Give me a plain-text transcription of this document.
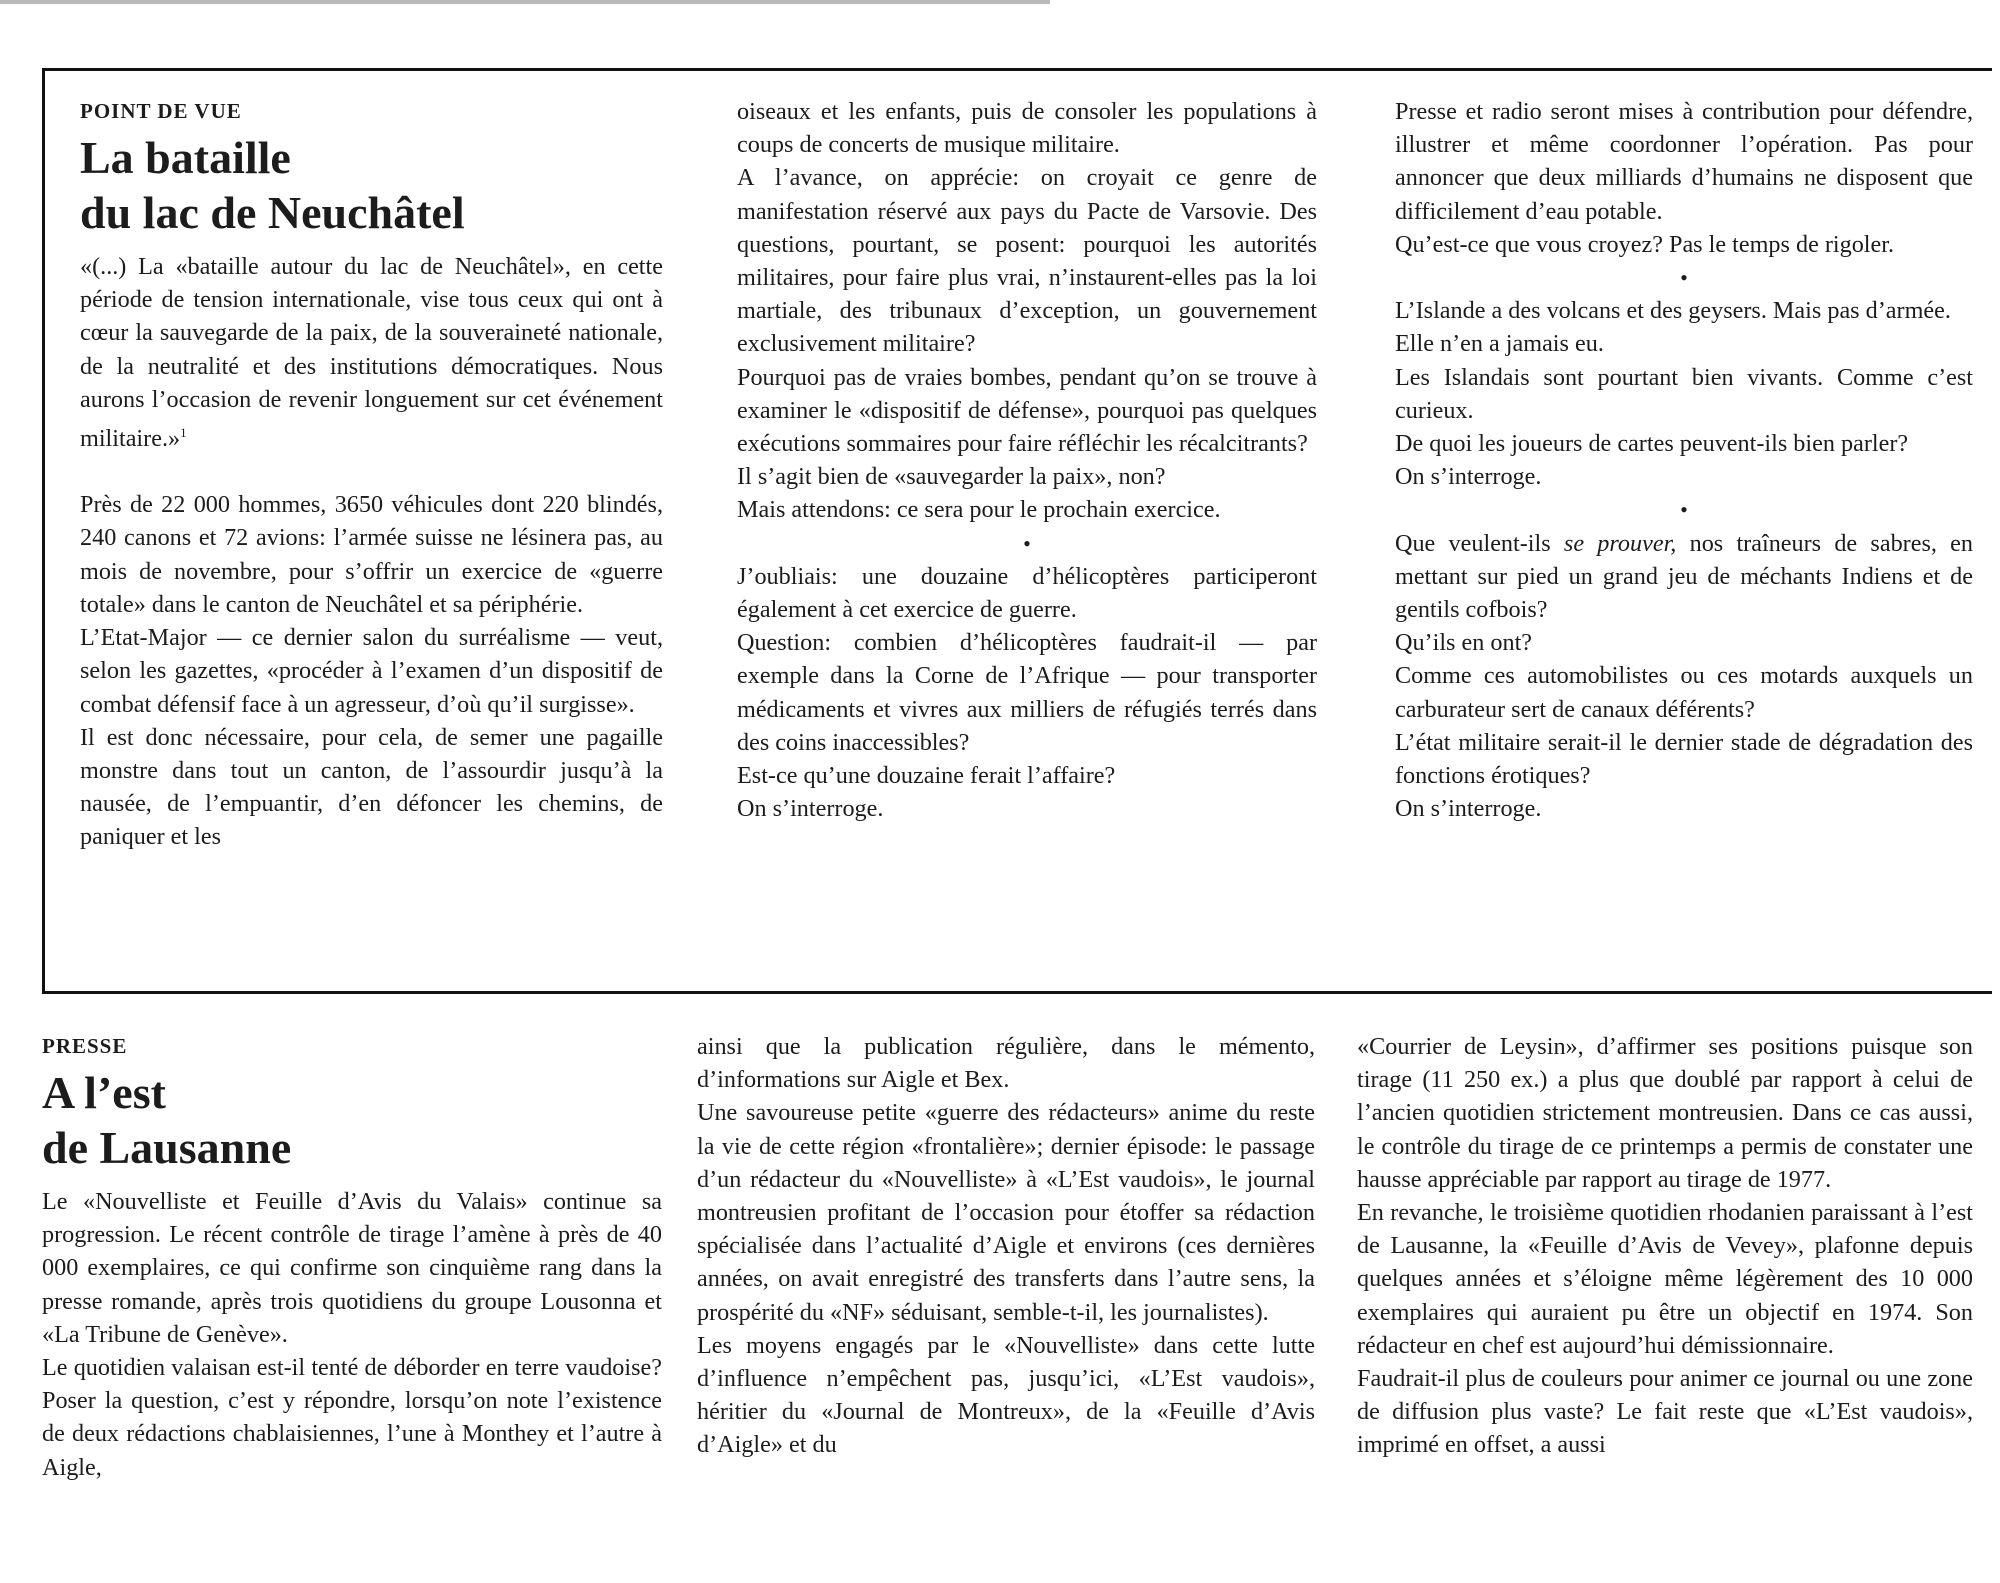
POINT DE VUE
La bataille
du lac de Neuchâtel

«(...) La «bataille autour du lac de Neuchâtel», en cette période de tension internationale, vise tous ceux qui ont à cœur la sauvegarde de la paix, de la souveraineté nationale, de la neutralité et des institutions démocratiques. Nous aurons l’occasion de revenir longuement sur cet événement militaire.»$^1$

Près de 22 000 hommes, 3650 véhicules dont 220 blindés, 240 canons et 72 avions: l’armée suisse ne lésinera pas, au mois de novembre, pour s’offrir un exercice de «guerre totale» dans le canton de Neuchâtel et sa périphérie.

L’Etat-Major — ce dernier salon du surréalisme — veut, selon les gazettes, «procéder à l’examen d’un dispositif de combat défensif face à un agresseur, d’où qu’il surgisse».

Il est donc nécessaire, pour cela, de semer une pagaille monstre dans tout un canton, de l’assourdir jusqu’à la nausée, de l’empuantir, d’en défoncer les chemins, de paniquer et les

oiseaux et les enfants, puis de consoler les populations à coups de concerts de musique militaire.

A l’avance, on apprécie: on croyait ce genre de manifestation réservé aux pays du Pacte de Varsovie. Des questions, pourtant, se posent: pourquoi les autorités militaires, pour faire plus vrai, n’instaurent-elles pas la loi martiale, des tribunaux d’exception, un gouvernement exclusivement militaire?

Pourquoi pas de vraies bombes, pendant qu’on se trouve à examiner le «dispositif de défense», pourquoi pas quelques exécutions sommaires pour faire réfléchir les récalcitrants?

Il s’agit bien de «sauvegarder la paix», non?

Mais attendons: ce sera pour le prochain exercice.

•

J’oubliais: une douzaine d’hélicoptères participeront également à cet exercice de guerre.

Question: combien d’hélicoptères faudrait-il — par exemple dans la Corne de l’Afrique — pour transporter médicaments et vivres aux milliers de réfugiés terrés dans des coins inaccessibles?

Est-ce qu’une douzaine ferait l’affaire?

On s’interroge.

Presse et radio seront mises à contribution pour défendre, illustrer et même coordonner l’opération. Pas pour annoncer que deux milliards d’humains ne disposent que difficilement d’eau potable.

Qu’est-ce que vous croyez? Pas le temps de rigoler.

•

L’Islande a des volcans et des geysers. Mais pas d’armée.

Elle n’en a jamais eu.

Les Islandais sont pourtant bien vivants. Comme c’est curieux.

De quoi les joueurs de cartes peuvent-ils bien parler?

On s’interroge.

•

Que veulent-ils se prouver, nos traîneurs de sabres, en mettant sur pied un grand jeu de méchants Indiens et de gentils cofbois?

Qu’ils en ont?

Comme ces automobilistes ou ces motards auxquels un carburateur sert de canaux déférents?

L’état militaire serait-il le dernier stade de dégradation des fonctions érotiques?

On s’interroge.

PRESSE
A l’est
de Lausanne

Le «Nouvelliste et Feuille d’Avis du Valais» continue sa progression. Le récent contrôle de tirage l’amène à près de 40 000 exemplaires, ce qui confirme son cinquième rang dans la presse romande, après trois quotidiens du groupe Lousonna et «La Tribune de Genève».

Le quotidien valaisan est-il tenté de déborder en terre vaudoise? Poser la question, c’est y répondre, lorsqu’on note l’existence de deux rédactions chablaisiennes, l’une à Monthey et l’autre à Aigle,

ainsi que la publication régulière, dans le mémento, d’informations sur Aigle et Bex.

Une savoureuse petite «guerre des rédacteurs» anime du reste la vie de cette région «frontalière»; dernier épisode: le passage d’un rédacteur du «Nouvelliste» à «L’Est vaudois», le journal montreusien profitant de l’occasion pour étoffer sa rédaction spécialisée dans l’actualité d’Aigle et environs (ces dernières années, on avait enregistré des transferts dans l’autre sens, la prospérité du «NF» séduisant, semble-t-il, les journalistes).

Les moyens engagés par le «Nouvelliste» dans cette lutte d’influence n’empêchent pas, jusqu’ici, «L’Est vaudois», héritier du «Journal de Montreux», de la «Feuille d’Avis d’Aigle» et du

«Courrier de Leysin», d’affirmer ses positions puisque son tirage (11 250 ex.) a plus que doublé par rapport à celui de l’ancien quotidien strictement montreusien. Dans ce cas aussi, le contrôle du tirage de ce printemps a permis de constater une hausse appréciable par rapport au tirage de 1977.

En revanche, le troisième quotidien rhodanien paraissant à l’est de Lausanne, la «Feuille d’Avis de Vevey», plafonne depuis quelques années et s’éloigne même légèrement des 10 000 exemplaires qui auraient pu être un objectif en 1974. Son rédacteur en chef est aujourd’hui démissionnaire.

Faudrait-il plus de couleurs pour animer ce journal ou une zone de diffusion plus vaste? Le fait reste que «L’Est vaudois», imprimé en offset, a aussi
